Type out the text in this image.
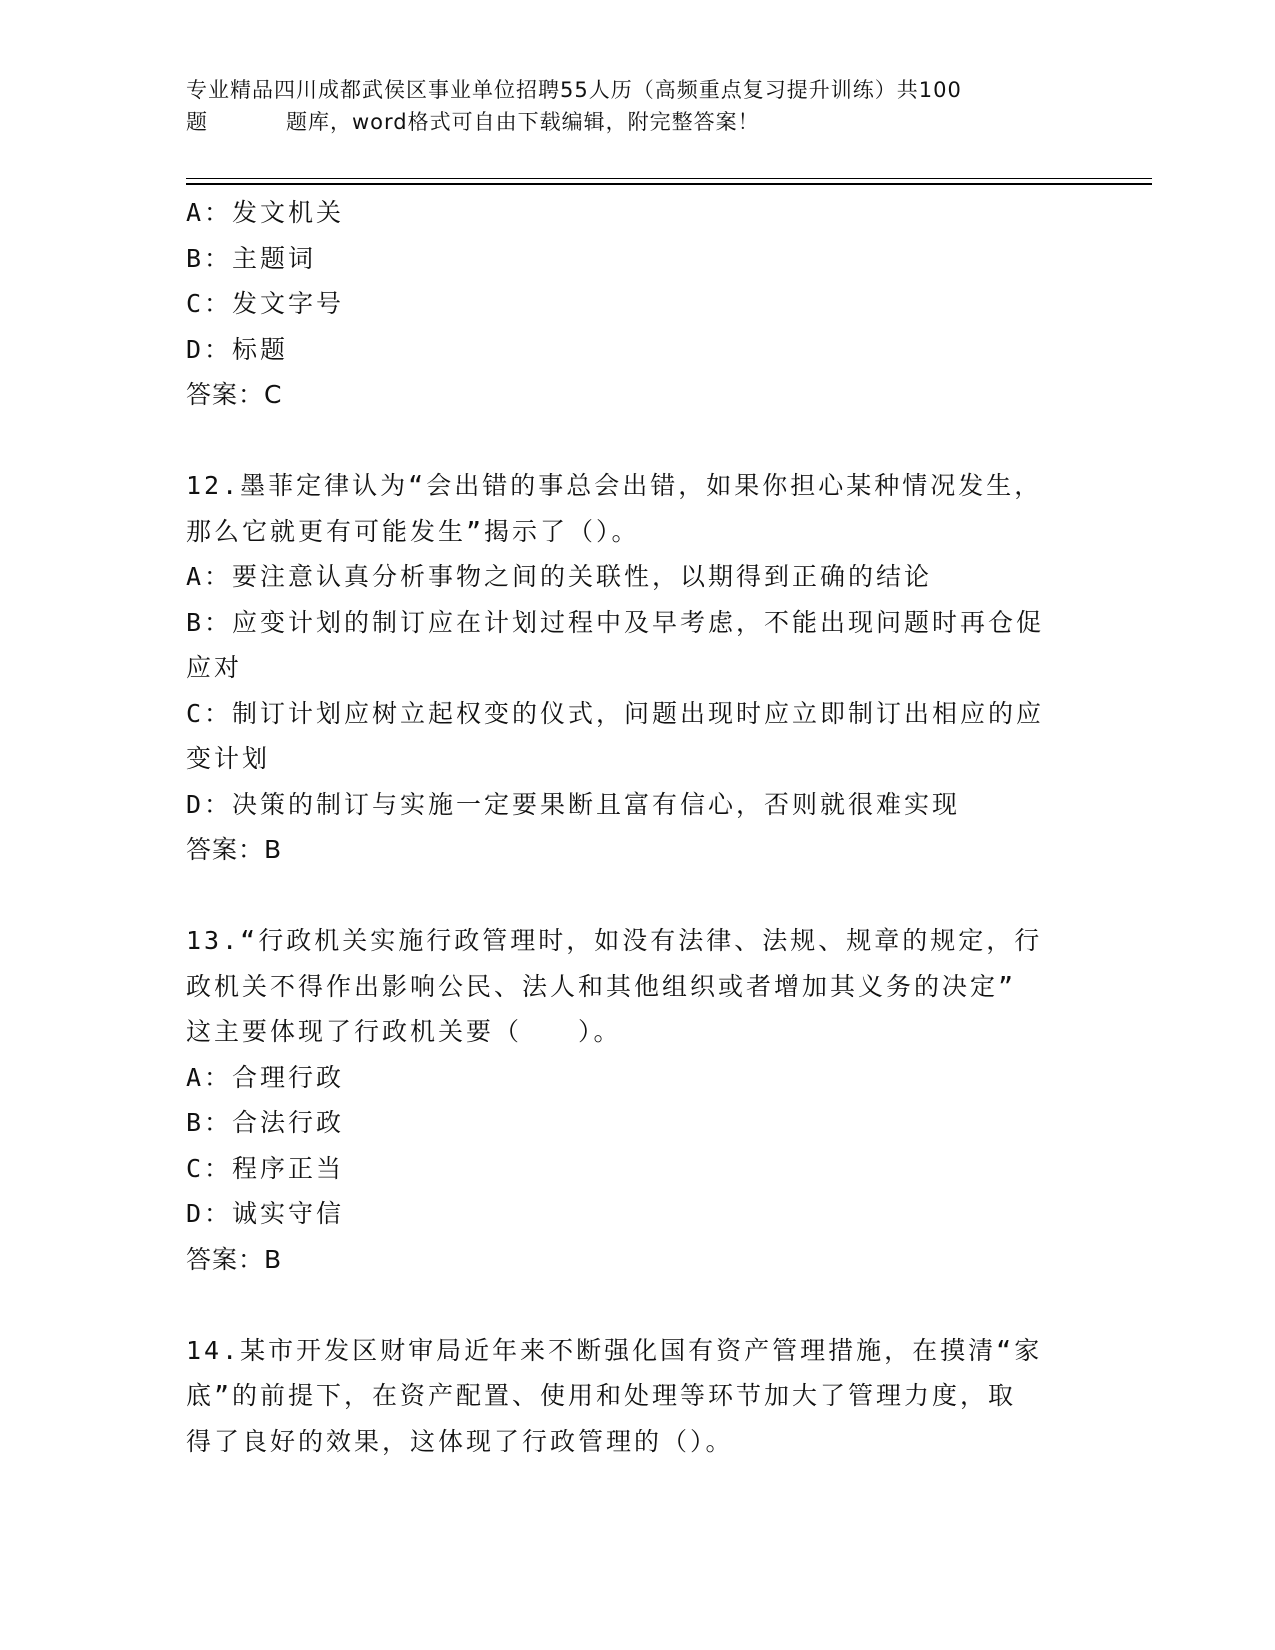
专业精品四川成都武侯区事业单位招聘55人历（高频重点复习提升训练）共100
题	题库，word格式可自由下载编辑，附完整答案！
A：发文机关
B：主题词
C：发文字号
D：标题
答案：C
12.墨菲定律认为“会出错的事总会出错，如果你担心某种情况发生，
那么它就更有可能发生”揭示了（）。
A：要注意认真分析事物之间的关联性，以期得到正确的结论
B：应变计划的制订应在计划过程中及早考虑，不能出现问题时再仓促
应对
C：制订计划应树立起权变的仪式，问题出现时应立即制订出相应的应
变计划
D：决策的制订与实施一定要果断且富有信心，否则就很难实现
答案：B
13.“行政机关实施行政管理时，如没有法律、法规、规章的规定，行
政机关不得作出影响公民、法人和其他组织或者增加其义务的决定”
这主要体现了行政机关要（　　）。
A：合理行政
B：合法行政
C：程序正当
D：诚实守信
答案：B
14.某市开发区财审局近年来不断强化国有资产管理措施，在摸清“家
底”的前提下，在资产配置、使用和处理等环节加大了管理力度，取
得了良好的效果，这体现了行政管理的（）。
